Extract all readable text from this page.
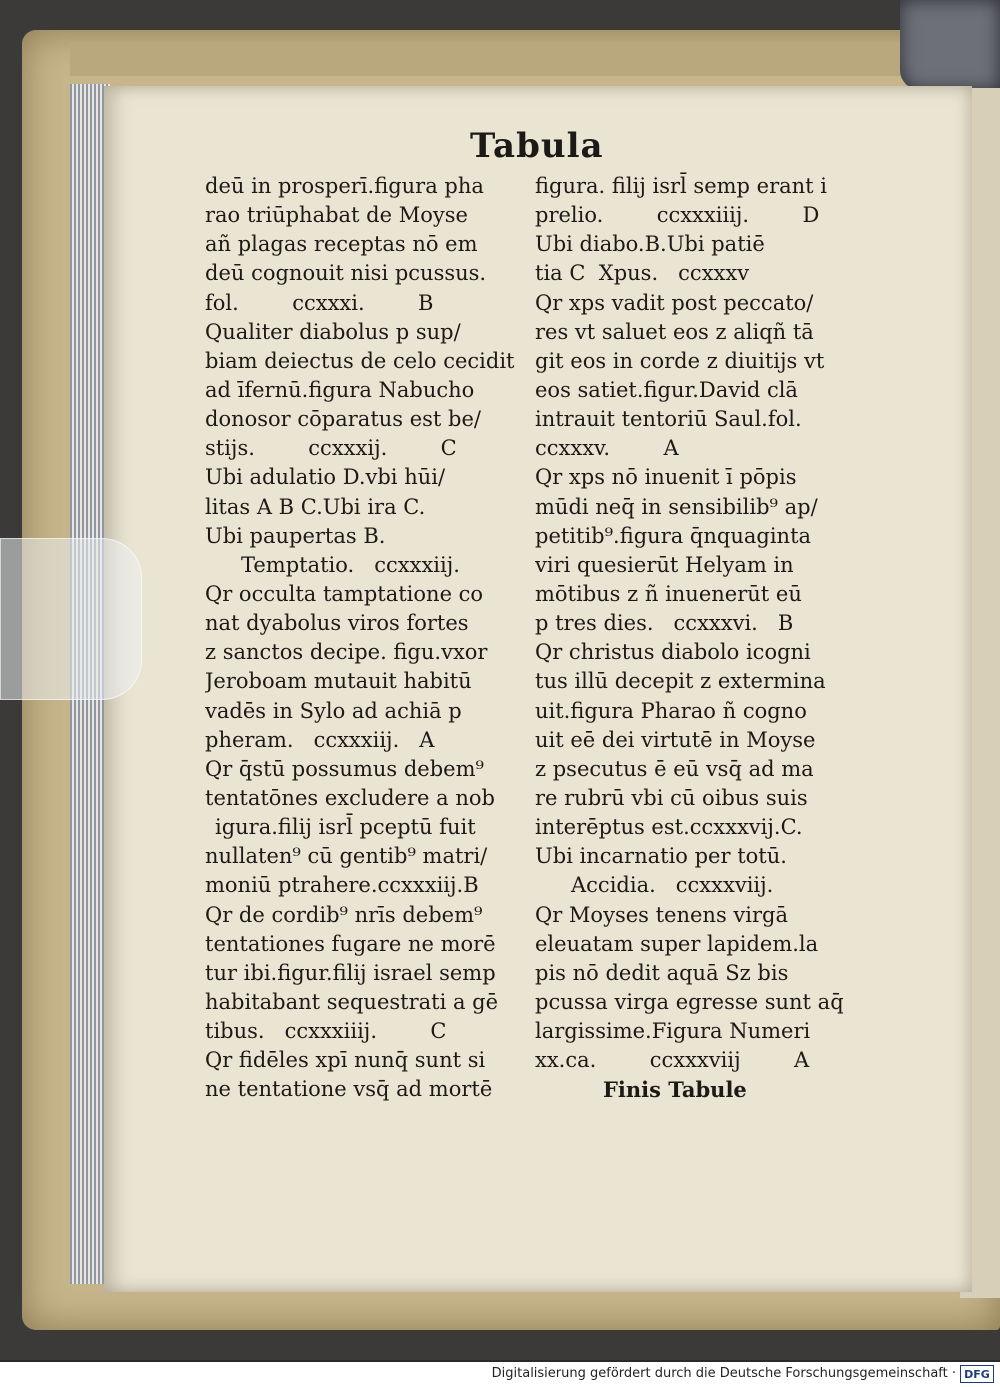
Tabula
deū in prosperī.figura pha
rao triūphabat de Moyse
añ plagas receptas nō em
deū cognouit nisi pcussus.
fol.        ccxxxi.        B
Qualiter diabolus p sup/
biam deiectus de celo cecidit
ad īfernū.figura Nabucho
donosor cōparatus est be/
stijs.        ccxxxij.        C
Ubi adulatio D.vbi hūi/
litas A B C.Ubi ira C.
Ubi paupertas B.
Temptatio.   ccxxxiij.
Qr occulta tamptatione co
nat dyabolus viros fortes
z sanctos decipe. figu.vxor
Jeroboam mutauit habitū
vadēs in Sylo ad achiā p
pheram.   ccxxxiij.   A
Qr q̄stū possumus debem⁹
tentatōnes excludere a nob
igura.filij isrl̄ pceptū fuit
nullaten⁹ cū gentib⁹ matri/
moniū ptrahere.ccxxxiij.B
Qr de cordib⁹ nrīs debem⁹
tentationes fugare ne morē
tur ibi.figur.filij israel semp
habitabant sequestrati a gē
tibus.   ccxxxiiij.        C
Qr fidēles xpī nunq̄ sunt si
ne tentatione vsq̄ ad mortē
figura. filij isrl̄ semp erant i
prelio.        ccxxxiiij.        D
Ubi diabo.B.Ubi patiē
tia C  Xpus.   ccxxxv
Qr xps vadit post peccato/
res vt saluet eos z aliqñ tā
git eos in corde z diuitijs vt
eos satiet.figur.David clā
intrauit tentoriū Saul.fol.
ccxxxv.        A
Qr xps nō inuenit ī pōpis
mūdi neq̄ in sensibilib⁹ ap/
petitib⁹.figura q̄nquaginta
viri quesierūt Helyam in
mōtibus z ñ inuenerūt eū
p tres dies.   ccxxxvi.   B
Qr christus diabolo icogni
tus illū decepit z extermina
uit.figura Pharao ñ cogno
uit eē dei virtutē in Moyse
z psecutus ē eū vsq̄ ad ma
re rubrū vbi cū oibus suis
interēptus est.ccxxxvij.C.
Ubi incarnatio per totū.
Accidia.   ccxxxviij.
Qr Moyses tenens virgā
eleuatam super lapidem.la
pis nō dedit aquā Sz bis
pcussa virga egresse sunt aq̄
largissime.Figura Numeri
xx.ca.        ccxxxviij        A
Finis Tabule
Digitalisierung gefördert durch die Deutsche Forschungsgemeinschaft · DFG
